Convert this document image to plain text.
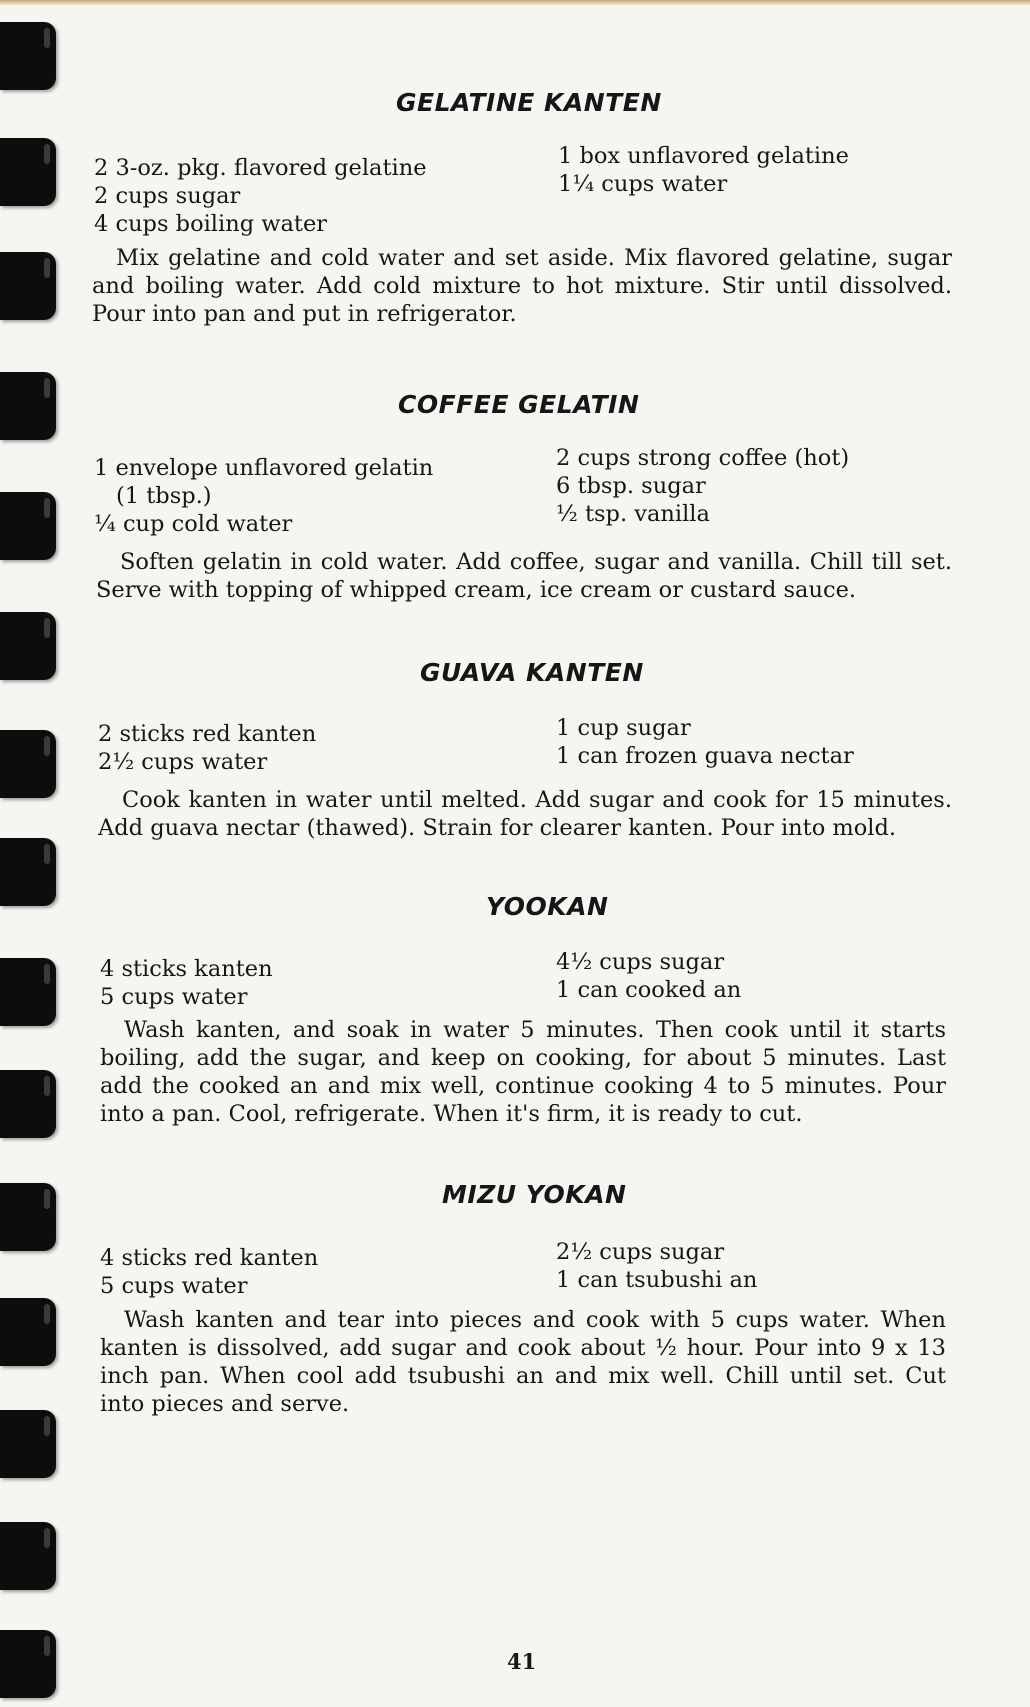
GELATINE KANTEN
2 3-oz. pkg. flavored gelatine
2 cups sugar
4 cups boiling water
1 box unflavored gelatine
1¼ cups water
Mix gelatine and cold water and set aside. Mix flavored gelatine, sugar and boiling water. Add cold mixture to hot mixture. Stir until dissolved. Pour into pan and put in refrigerator.
COFFEE GELATIN
1 envelope unflavored gelatin
(1 tbsp.)
¼ cup cold water
2 cups strong coffee (hot)
6 tbsp. sugar
½ tsp. vanilla
Soften gelatin in cold water. Add coffee, sugar and vanilla. Chill till set. Serve with topping of whipped cream, ice cream or custard sauce.
GUAVA KANTEN
2 sticks red kanten
2½ cups water
1 cup sugar
1 can frozen guava nectar
Cook kanten in water until melted. Add sugar and cook for 15 minutes. Add guava nectar (thawed). Strain for clearer kanten. Pour into mold.
YOOKAN
4 sticks kanten
5 cups water
4½ cups sugar
1 can cooked an
Wash kanten, and soak in water 5 minutes. Then cook until it starts boiling, add the sugar, and keep on cooking, for about 5 minutes. Last add the cooked an and mix well, continue cooking 4 to 5 minutes. Pour into a pan. Cool, refrigerate. When it's firm, it is ready to cut.
MIZU YOKAN
4 sticks red kanten
5 cups water
2½ cups sugar
1 can tsubushi an
Wash kanten and tear into pieces and cook with 5 cups water. When kanten is dissolved, add sugar and cook about ½ hour. Pour into 9 x 13 inch pan. When cool add tsubushi an and mix well. Chill until set. Cut into pieces and serve.
41
